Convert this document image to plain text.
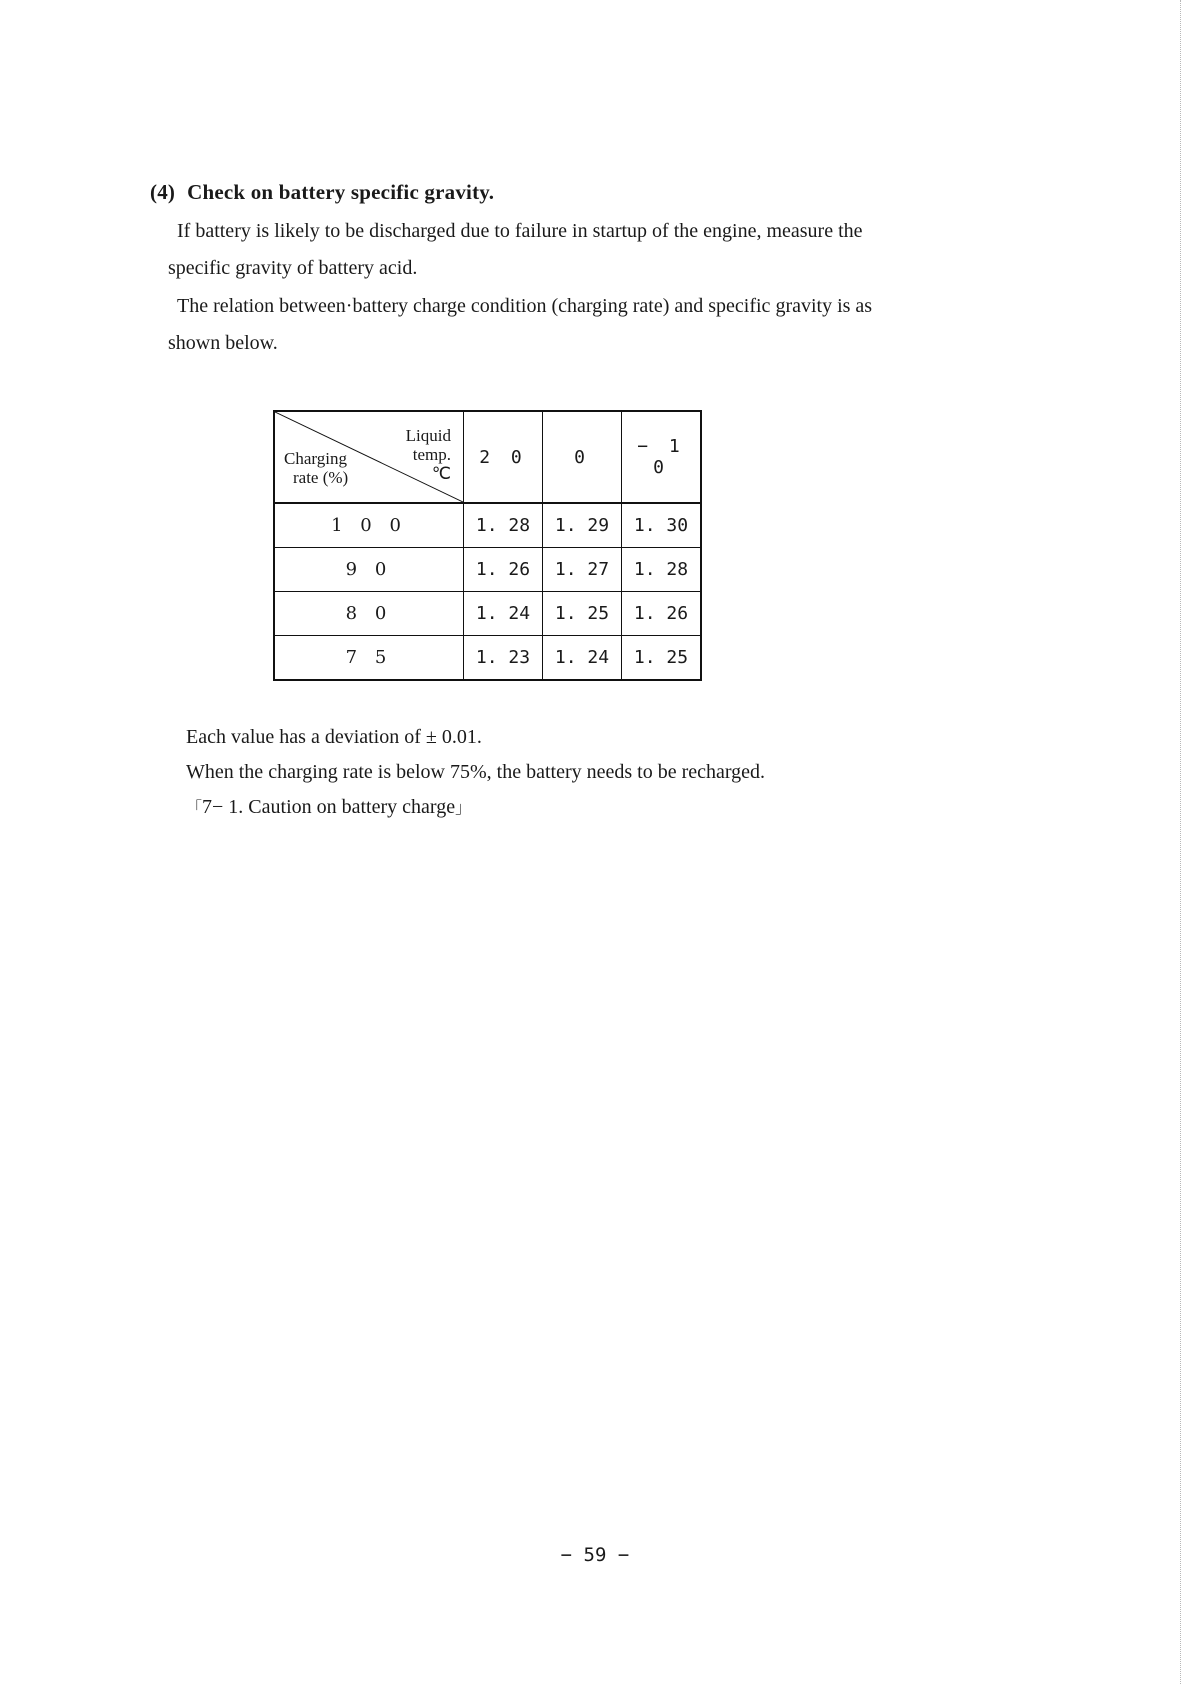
(4) Check on battery specific gravity.
If battery is likely to be discharged due to failure in startup of the engine, measure the
specific gravity of battery acid.
The relation between·battery charge condition (charging rate) and specific gravity is as
shown below.
Liquid
temp.
℃
Charging
rate (%)	2 0	0	− 1 0
1 0 0	1. 28	1. 29	1. 30
9 0	1. 26	1. 27	1. 28
8 0	1. 24	1. 25	1. 26
7 5	1. 23	1. 24	1. 25
Each value has a deviation of ± 0.01.
When the charging rate is below 75%, the battery needs to be recharged.
「7− 1. Caution on battery charge」
− 59 −
